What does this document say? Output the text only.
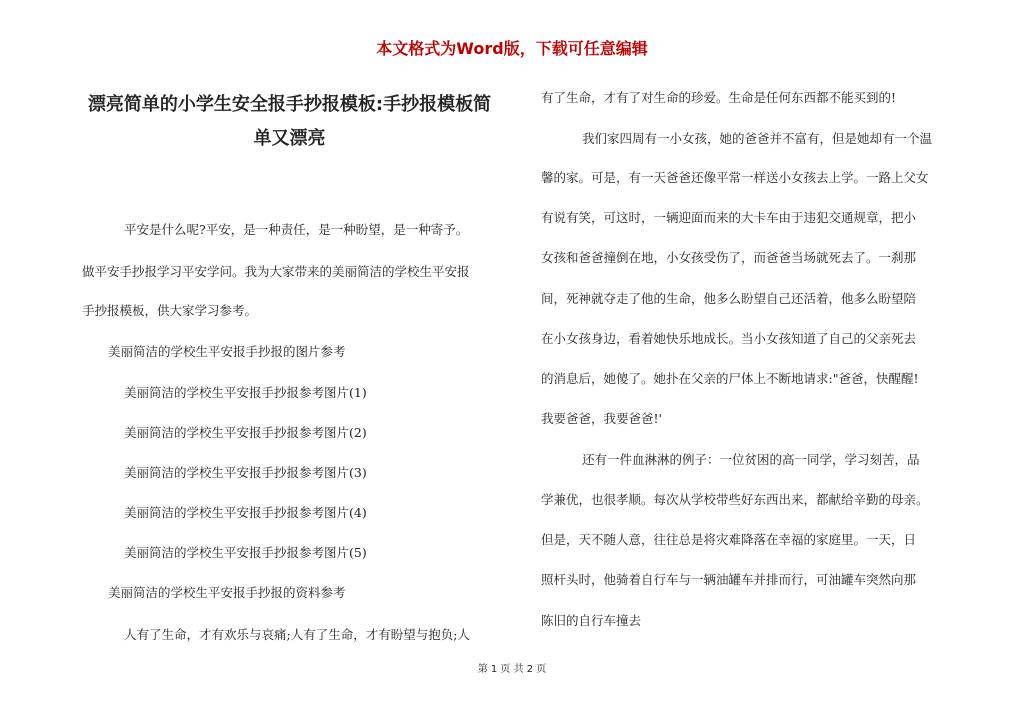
本文格式为Word版，下载可任意编辑
漂亮简单的小学生安全报手抄报模板:手抄报模板简
单又漂亮
平安是什么呢?平安，是一种责任，是一种盼望，是一种寄予。
做平安手抄报学习平安学问。我为大家带来的美丽简洁的学校生平安报
手抄报模板，供大家学习参考。
美丽简洁的学校生平安报手抄报的图片参考
美丽简洁的学校生平安报手抄报参考图片(1)
美丽简洁的学校生平安报手抄报参考图片(2)
美丽简洁的学校生平安报手抄报参考图片(3)
美丽简洁的学校生平安报手抄报参考图片(4)
美丽简洁的学校生平安报手抄报参考图片(5)
美丽简洁的学校生平安报手抄报的资料参考
人有了生命，才有欢乐与哀痛;人有了生命，才有盼望与抱负;人
有了生命，才有了对生命的珍爱。生命是任何东西都不能买到的!
我们家四周有一小女孩，她的爸爸并不富有，但是她却有一个温
馨的家。可是，有一天爸爸还像平常一样送小女孩去上学。一路上父女
有说有笑，可这时，一辆迎面而来的大卡车由于违犯交通规章，把小
女孩和爸爸撞倒在地，小女孩受伤了，而爸爸当场就死去了。一刹那
间，死神就夺走了他的生命，他多么盼望自己还活着，他多么盼望陪
在小女孩身边，看着她快乐地成长。当小女孩知道了自己的父亲死去
的消息后，她傻了。她扑在父亲的尸体上不断地请求:"爸爸，快醒醒!
我要爸爸，我要爸爸!'
还有一件血淋淋的例子：一位贫困的高一同学，学习刻苦，品
学兼优，也很孝顺。每次从学校带些好东西出来，都献给辛勤的母亲。
但是，天不随人意，往往总是将灾难降落在幸福的家庭里。一天，日
照杆头时，他骑着自行车与一辆油罐车并排而行，可油罐车突然向那
陈旧的自行车撞去
第 1 页 共 2 页
